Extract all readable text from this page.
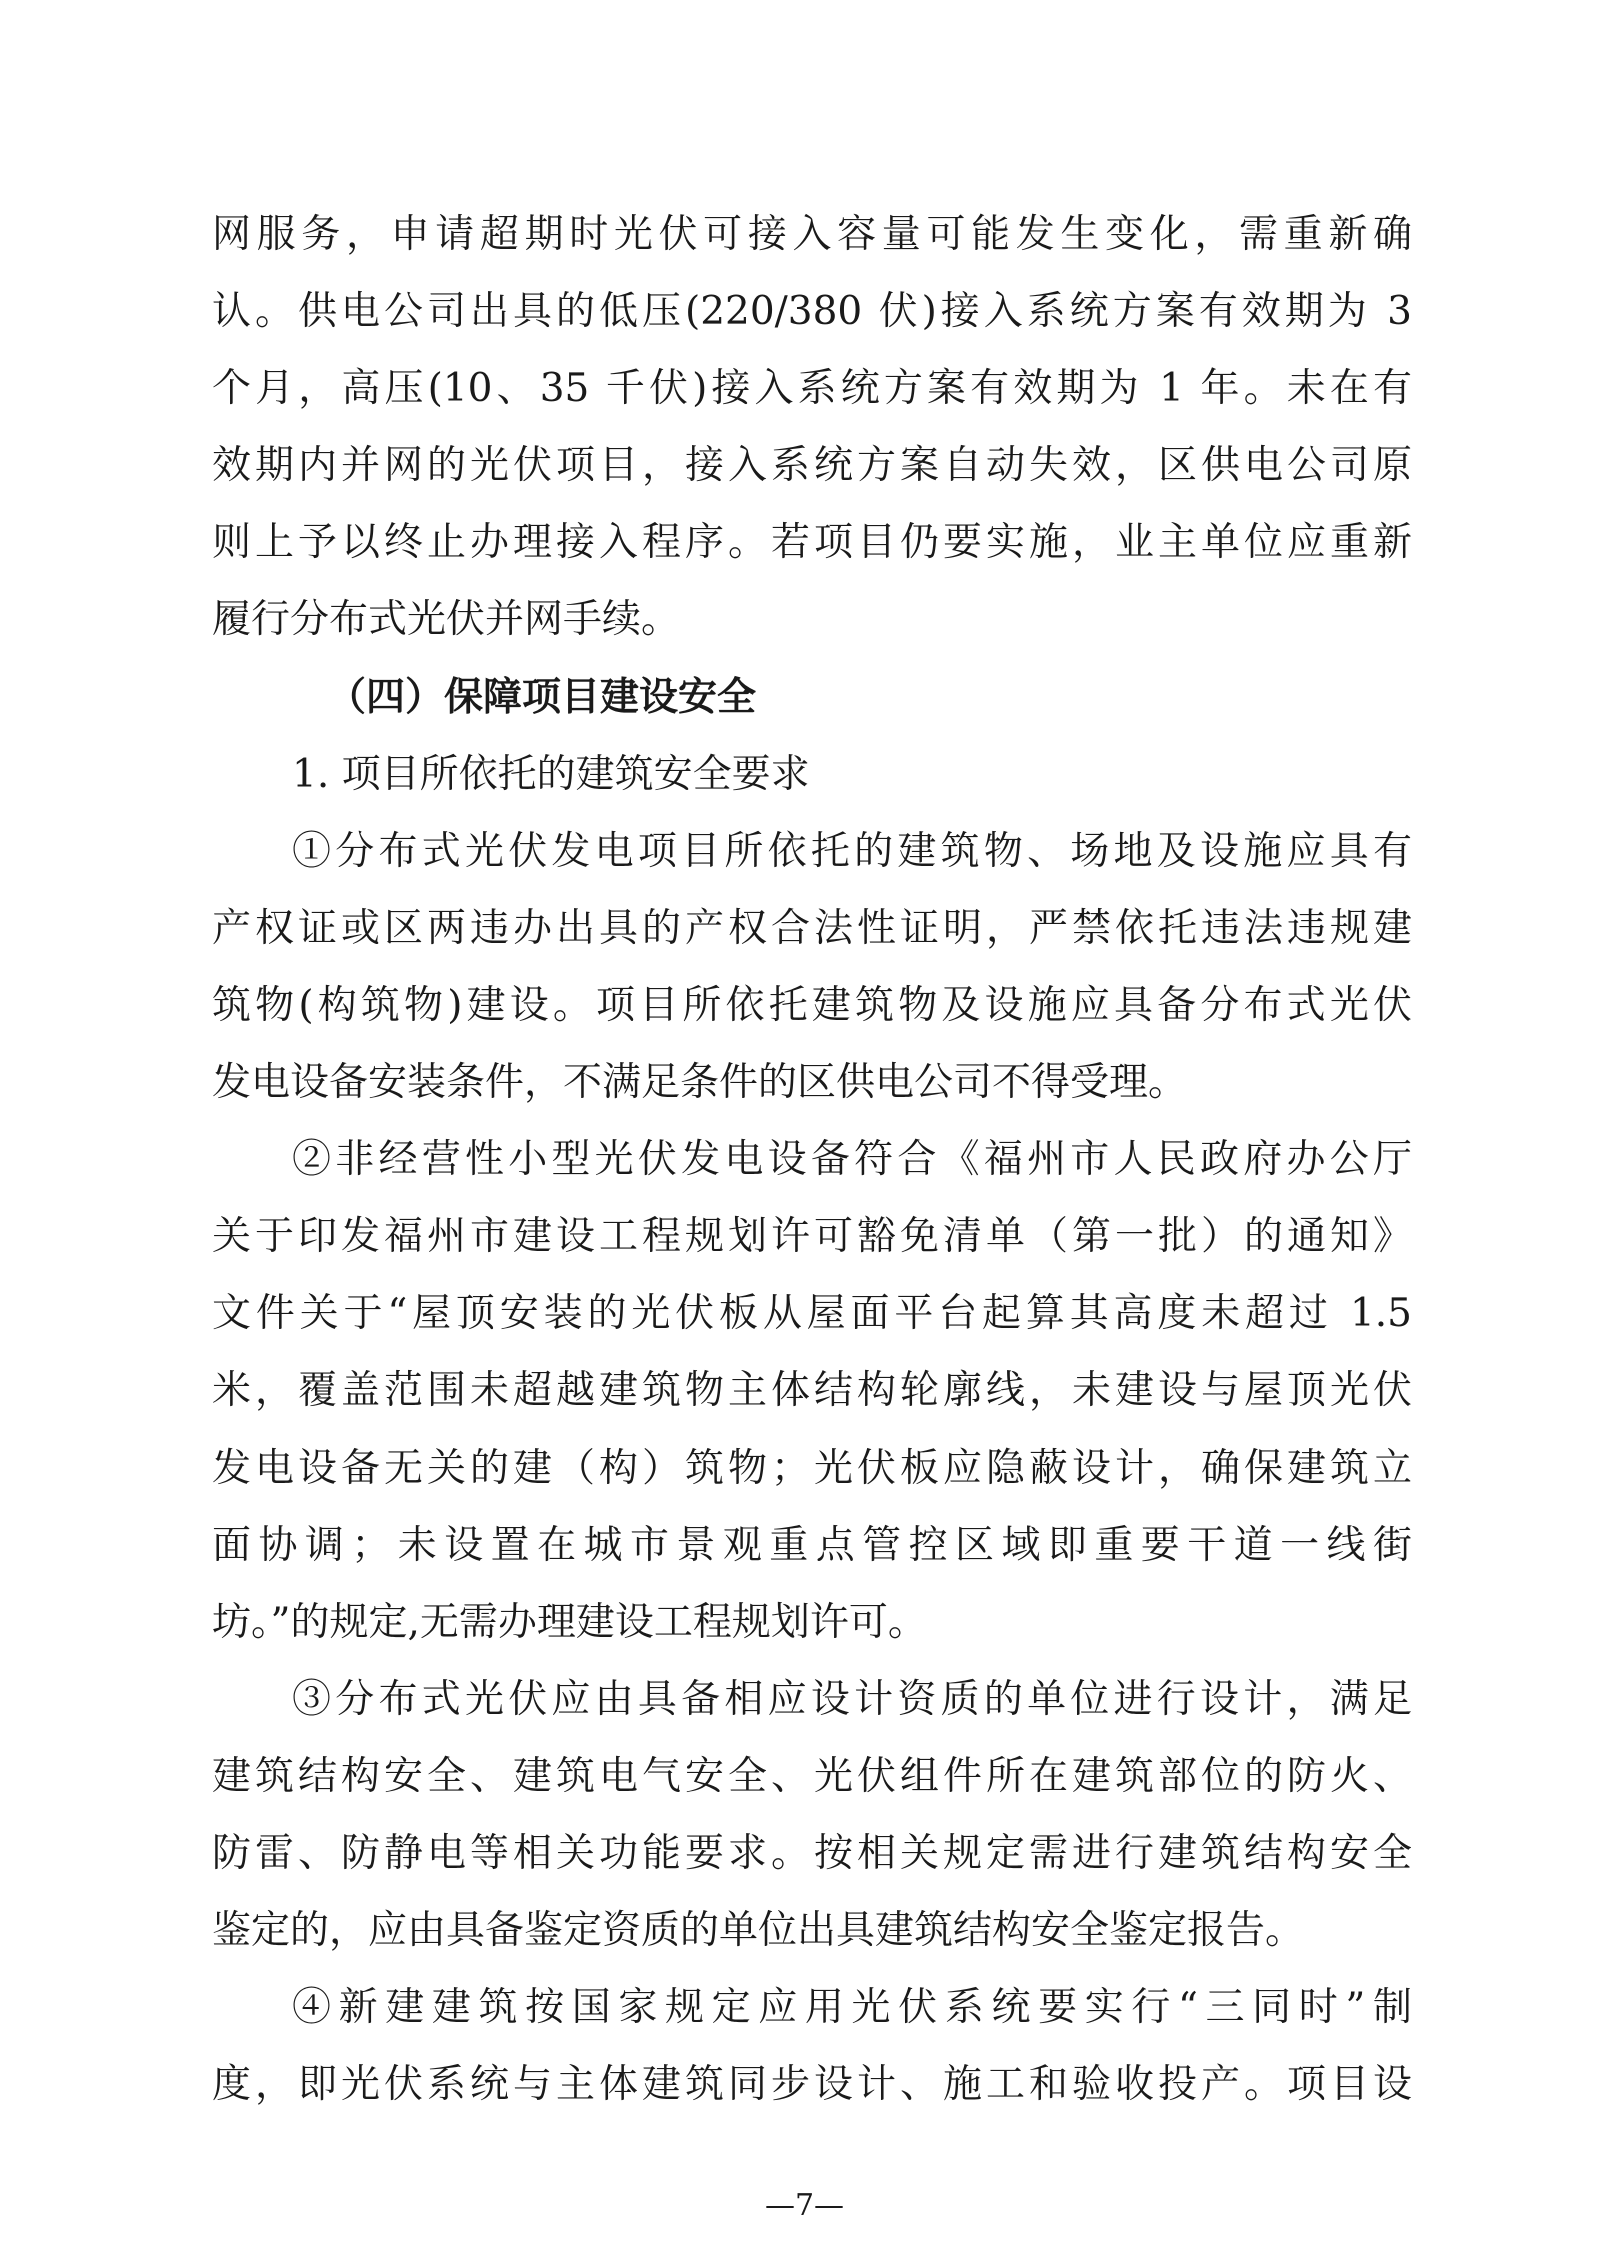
网服务，申请超期时光伏可接入容量可能发生变化，需重新确
认。供电公司出具的低压(220/380 伏)接入系统方案有效期为 3
个月，高压(10、35 千伏)接入系统方案有效期为 1 年。未在有
效期内并网的光伏项目，接入系统方案自动失效，区供电公司原
则上予以终止办理接入程序。若项目仍要实施，业主单位应重新
履行分布式光伏并网手续。
（四）保障项目建设安全
1. 项目所依托的建筑安全要求
①分布式光伏发电项目所依托的建筑物、场地及设施应具有
产权证或区两违办出具的产权合法性证明，严禁依托违法违规建
筑物(构筑物)建设。项目所依托建筑物及设施应具备分布式光伏
发电设备安装条件，不满足条件的区供电公司不得受理。
②非经营性小型光伏发电设备符合《福州市人民政府办公厅
关于印发福州市建设工程规划许可豁免清单（第一批）的通知》
文件关于“屋顶安装的光伏板从屋面平台起算其高度未超过 1.5
米，覆盖范围未超越建筑物主体结构轮廓线，未建设与屋顶光伏
发电设备无关的建（构）筑物；光伏板应隐蔽设计，确保建筑立
面协调；未设置在城市景观重点管控区域即重要干道一线街
坊。”的规定,无需办理建设工程规划许可。
③分布式光伏应由具备相应设计资质的单位进行设计，满足
建筑结构安全、建筑电气安全、光伏组件所在建筑部位的防火、
防雷、防静电等相关功能要求。按相关规定需进行建筑结构安全
鉴定的，应由具备鉴定资质的单位出具建筑结构安全鉴定报告。
④新建建筑按国家规定应用光伏系统要实行“三同时”制
度，即光伏系统与主体建筑同步设计、施工和验收投产。项目设
—7—
